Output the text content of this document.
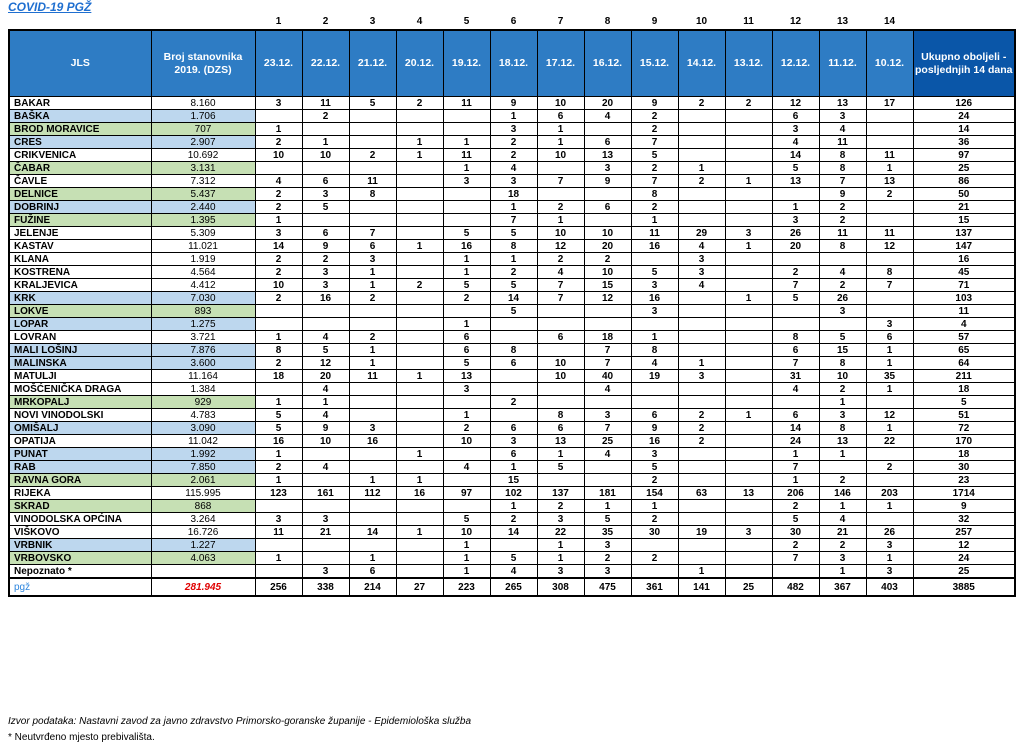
COVID-19 PGŽ
		1	2	3	4	5	6	7	8	9	10	11	12	13	14	
JLS	Broj stanovnika 2019. (DZS)	23.12.	22.12.	21.12.	20.12.	19.12.	18.12.	17.12.	16.12.	15.12.	14.12.	13.12.	12.12.	11.12.	10.12.	Ukupno oboljeli - posljednjih 14 dana
BAKAR	8.160	3	11	5	2	11	9	10	20	9	2	2	12	13	17	126
BAŠKA	1.706		2				1	6	4	2			6	3		24
BROD MORAVICE	707	1					3	1		2			3	4		14
CRES	2.907	2	1		1	1	2	1	6	7			4	11		36
CRIKVENICA	10.692	10	10	2	1	11	2	10	13	5			14	8	11	97
ČABAR	3.131					1	4		3	2	1		5	8	1	25
ČAVLE	7.312	4	6	11		3	3	7	9	7	2	1	13	7	13	86
DELNICE	5.437	2	3	8			18			8				9	2	50
DOBRINJ	2.440	2	5				1	2	6	2			1	2		21
FUŽINE	1.395	1					7	1		1			3	2		15
JELENJE	5.309	3	6	7		5	5	10	10	11	29	3	26	11	11	137
KASTAV	11.021	14	9	6	1	16	8	12	20	16	4	1	20	8	12	147
KLANA	1.919	2	2	3		1	1	2	2		3					16
KOSTRENA	4.564	2	3	1		1	2	4	10	5	3		2	4	8	45
KRALJEVICA	4.412	10	3	1	2	5	5	7	15	3	4		7	2	7	71
KRK	7.030	2	16	2		2	14	7	12	16		1	5	26		103
LOKVE	893						5			3				3		11
LOPAR	1.275					1									3	4
LOVRAN	3.721	1	4	2		6		6	18	1			8	5	6	57
MALI LOŠINJ	7.876	8	5	1		6	8		7	8			6	15	1	65
MALINSKA	3.600	2	12	1		5	6	10	7	4	1		7	8	1	64
MATULJI	11.164	18	20	11	1	13		10	40	19	3		31	10	35	211
MOŠĆENIČKA DRAGA	1.384		4			3			4				4	2	1	18
MRKOPALJ	929	1	1				2							1		5
NOVI VINODOLSKI	4.783	5	4			1		8	3	6	2	1	6	3	12	51
OMIŠALJ	3.090	5	9	3		2	6	6	7	9	2		14	8	1	72
OPATIJA	11.042	16	10	16		10	3	13	25	16	2		24	13	22	170
PUNAT	1.992	1			1		6	1	4	3			1	1		18
RAB	7.850	2	4			4	1	5		5			7		2	30
RAVNA GORA	2.061	1		1	1		15			2			1	2		23
RIJEKA	115.995	123	161	112	16	97	102	137	181	154	63	13	206	146	203	1714
SKRAD	868						1	2	1	1			2	1	1	9
VINODOLSKA OPĆINA	3.264	3	3			5	2	3	5	2			5	4		32
VIŠKOVO	16.726	11	21	14	1	10	14	22	35	30	19	3	30	21	26	257
VRBNIK	1.227					1		1	3				2	2	3	12
VRBOVSKO	4.063	1		1		1	5	1	2	2			7	3	1	24
Nepoznato *			3	6		1	4	3	3		1			1	3	25
pgž	281.945	256	338	214	27	223	265	308	475	361	141	25	482	367	403	3885
Izvor podataka: Nastavni zavod za javno zdravstvo Primorsko-goranske županije - Epidemiološka služba
* Neutvrđeno mjesto prebivališta.
